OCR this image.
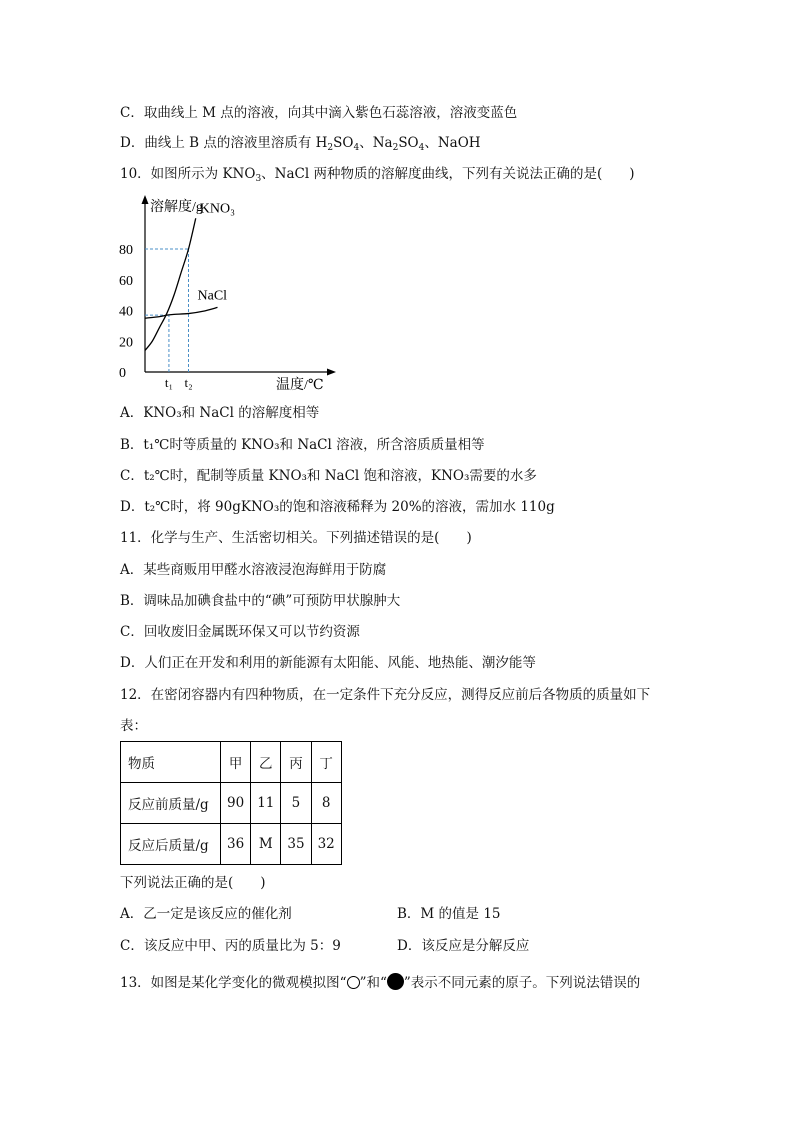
C．取曲线上 M 点的溶液，向其中滴入紫色石蕊溶液，溶液变蓝色
D．曲线上 B 点的溶液里溶质有 $H_2SO_4$、$Na_2SO_4$、NaOH
10．如图所示为 $KNO_3$、NaCl 两种物质的溶解度曲线，下列有关说法正确的是(　　)
溶解度/g
温度/℃
0
20
40
60
80
t₁ t₂
KNO₃
NaCl
A．KNO₃和 NaCl 的溶解度相等
B．t₁℃时等质量的 KNO₃和 NaCl 溶液，所含溶质质量相等
C．t₂℃时，配制等质量 KNO₃和 NaCl 饱和溶液，KNO₃需要的水多
D．t₂℃时，将 90gKNO₃的饱和溶液稀释为 20%的溶液，需加水 110g
11．化学与生产、生活密切相关。下列描述错误的是(　　)
A．某些商贩用甲醛水溶液浸泡海鲜用于防腐
B．调味品加碘食盐中的“碘”可预防甲状腺肿大
C．回收废旧金属既环保又可以节约资源
D．人们正在开发和利用的新能源有太阳能、风能、地热能、潮汐能等
12．在密闭容器内有四种物质，在一定条件下充分反应，测得反应前后各物质的质量如下
表：
物质	甲	乙	丙	丁
反应前质量/g	90	11	5	8
反应后质量/g	36	M	35	32
下列说法正确的是(　　)
A．乙一定是该反应的催化剂	B．M 的值是 15
C．该反应中甲、丙的质量比为 5：9	D．该反应是分解反应
13．如图是某化学变化的微观模拟图“ ”和“ ”表示不同元素的原子。下列说法错误的
